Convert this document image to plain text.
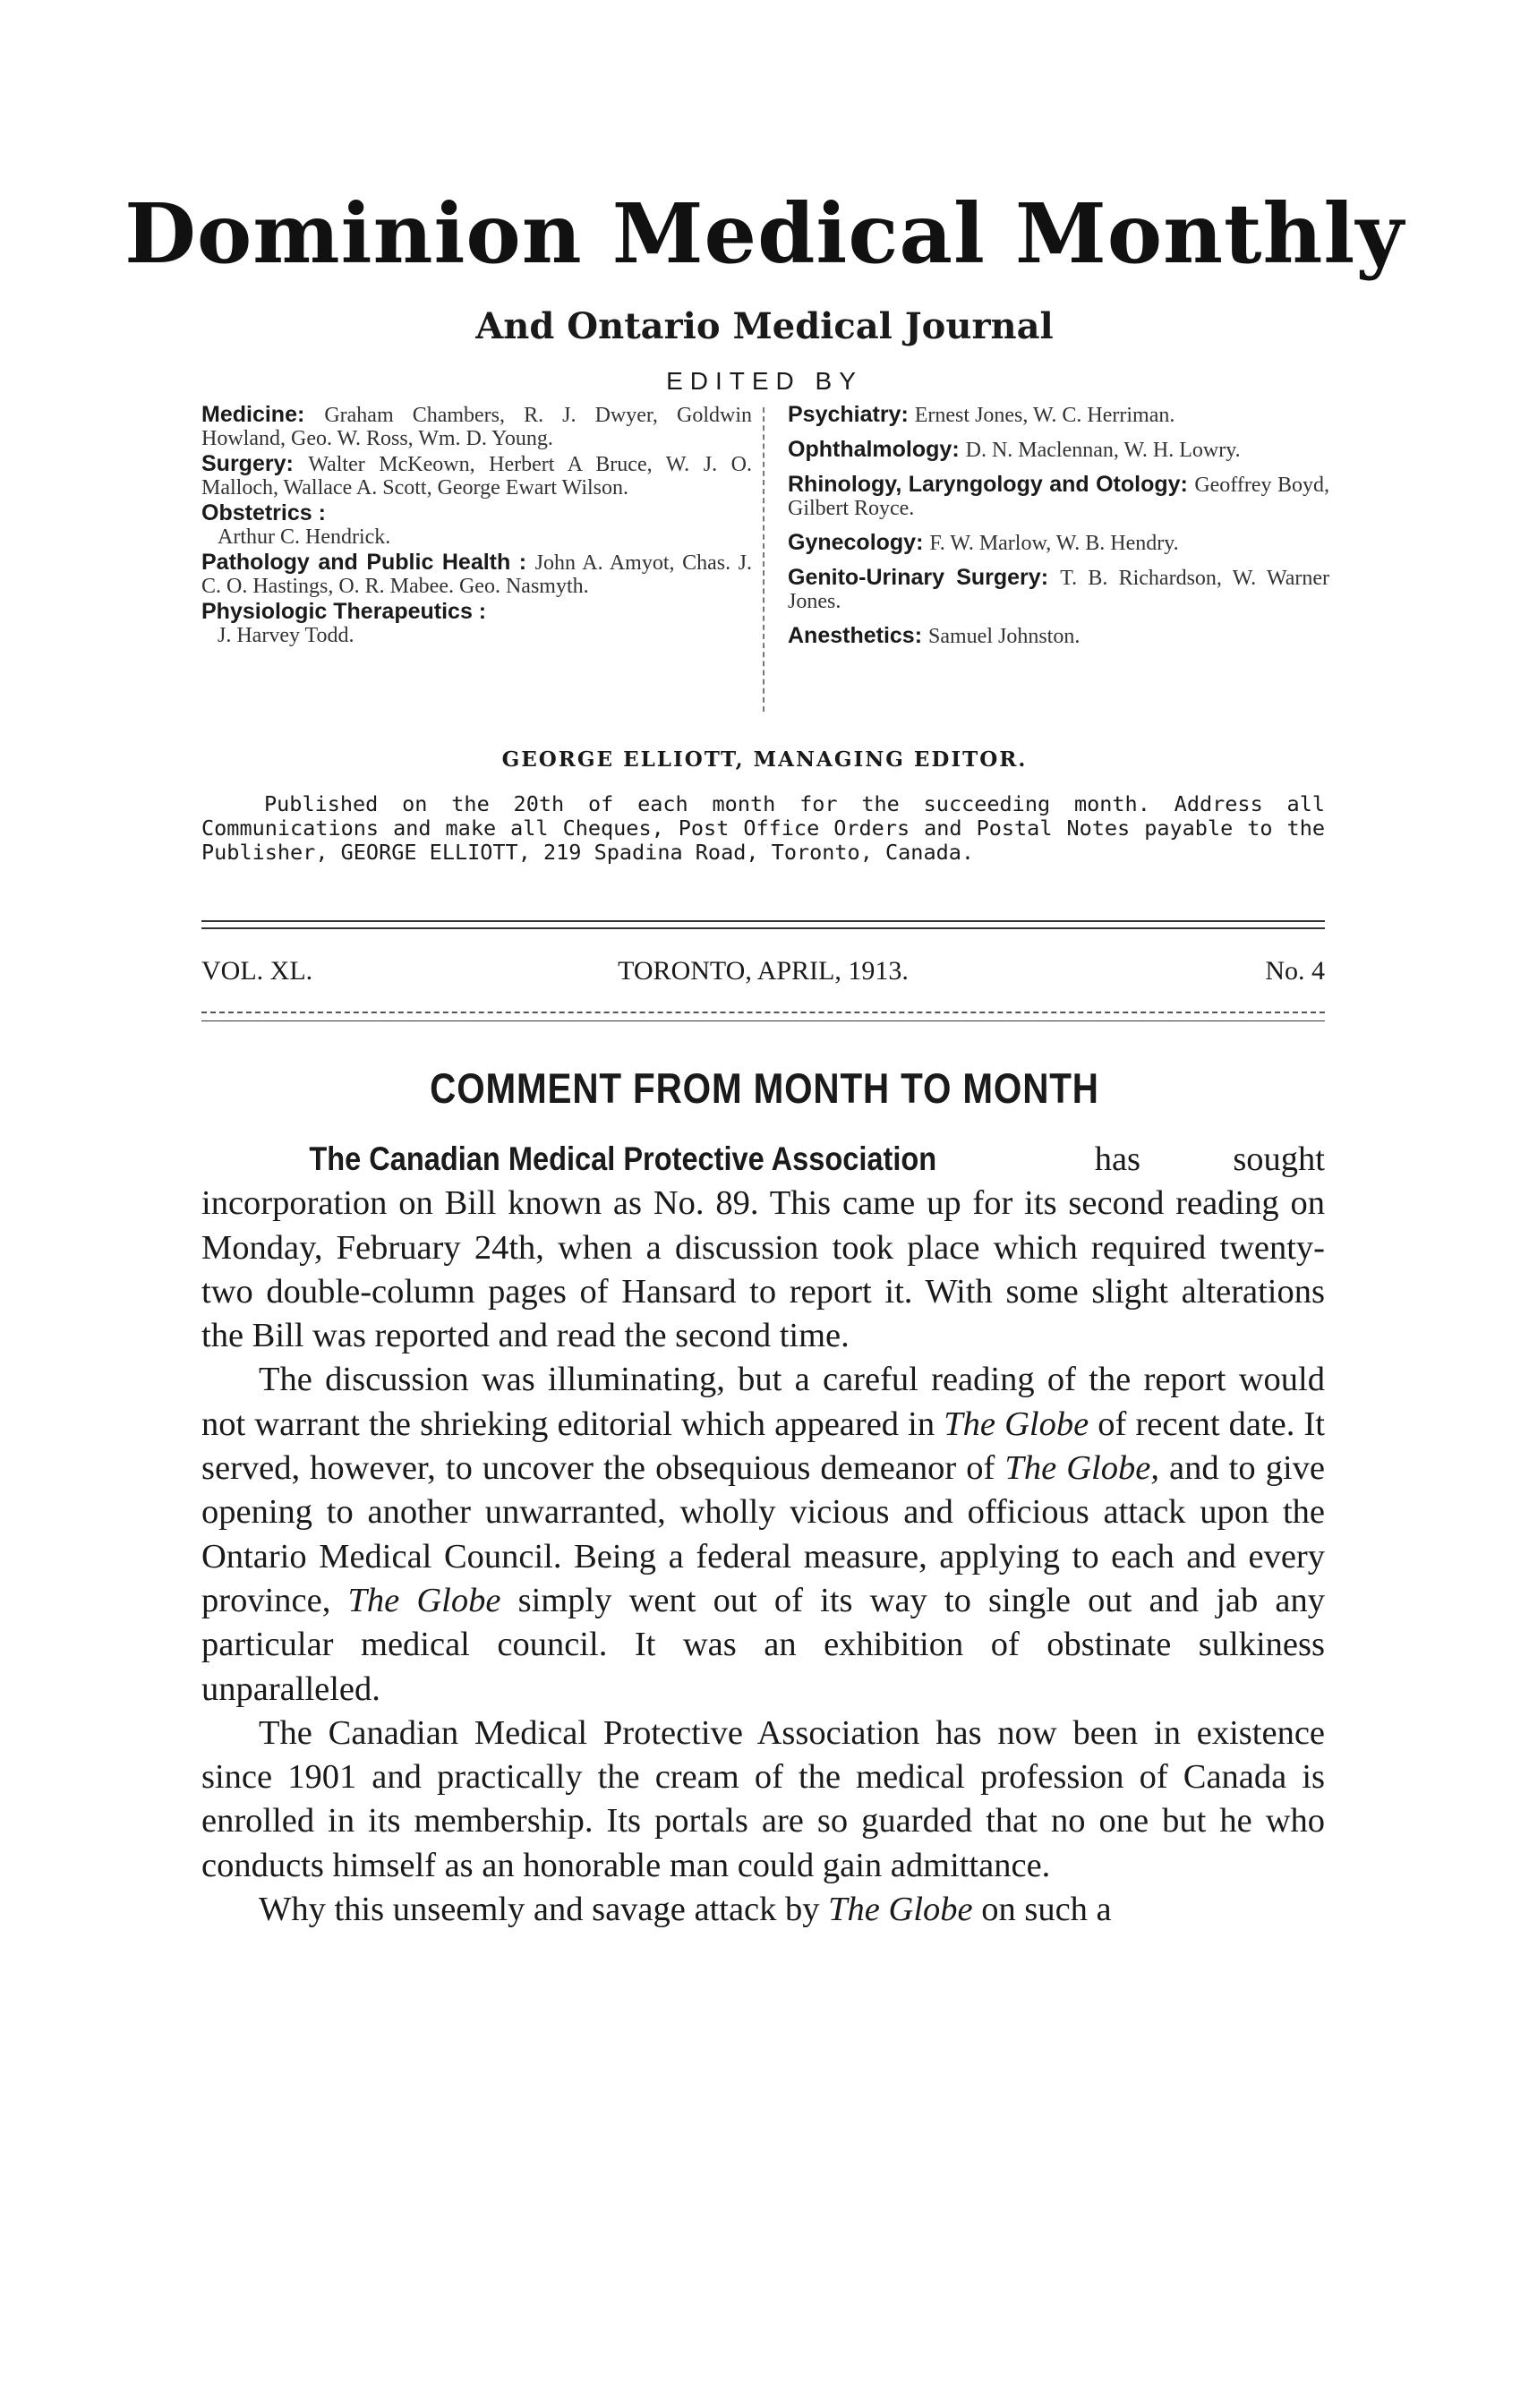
Dominion Medical Monthly
And Ontario Medical Journal
EDITED BY
Medicine: Graham Chambers, R. J. Dwyer, Goldwin Howland, Geo. W. Ross, Wm. D. Young.
Surgery: Walter McKeown, Herbert A Bruce, W. J. O. Malloch, Wallace A. Scott, George Ewart Wilson.
Obstetrics :
Arthur C. Hendrick.
Pathology and Public Health : John A. Amyot, Chas. J. C. O. Hastings, O. R. Mabee. Geo. Nasmyth.
Physiologic Therapeutics :
J. Harvey Todd.
Psychiatry: Ernest Jones, W. C. Herriman.
Ophthalmology: D. N. Maclennan, W. H. Lowry.
Rhinology, Laryngology and Otology: Geoffrey Boyd, Gilbert Royce.
Gynecology: F. W. Marlow, W. B. Hendry.
Genito-Urinary Surgery: T. B. Richardson, W. Warner Jones.
Anesthetics: Samuel Johnston.
GEORGE ELLIOTT, MANAGING EDITOR.
Published on the 20th of each month for the succeeding month. Address all Communications and make all Cheques, Post Office Orders and Postal Notes payable to the Publisher, GEORGE ELLIOTT, 219 Spadina Road, Toronto, Canada.
VOL. XL.	TORONTO, APRIL, 1913.	No. 4
COMMENT FROM MONTH TO MONTH

The Canadian Medical Protective Association has sought incorporation on Bill known as No. 89. This came up for its second reading on Monday, February 24th, when a discussion took place which required twenty-two double-column pages of Hansard to report it. With some slight alterations the Bill was reported and read the second time.

The discussion was illuminating, but a careful reading of the report would not warrant the shrieking editorial which appeared in The Globe of recent date. It served, however, to uncover the obsequious demeanor of The Globe, and to give opening to another unwarranted, wholly vicious and officious attack upon the Ontario Medical Council. Being a federal measure, applying to each and every province, The Globe simply went out of its way to single out and jab any particular medical council. It was an exhibition of obstinate sulkiness unparalleled.

The Canadian Medical Protective Association has now been in existence since 1901 and practically the cream of the medical profession of Canada is enrolled in its membership. Its portals are so guarded that no one but he who conducts himself as an honorable man could gain admittance.

Why this unseemly and savage attack by The Globe on such a
